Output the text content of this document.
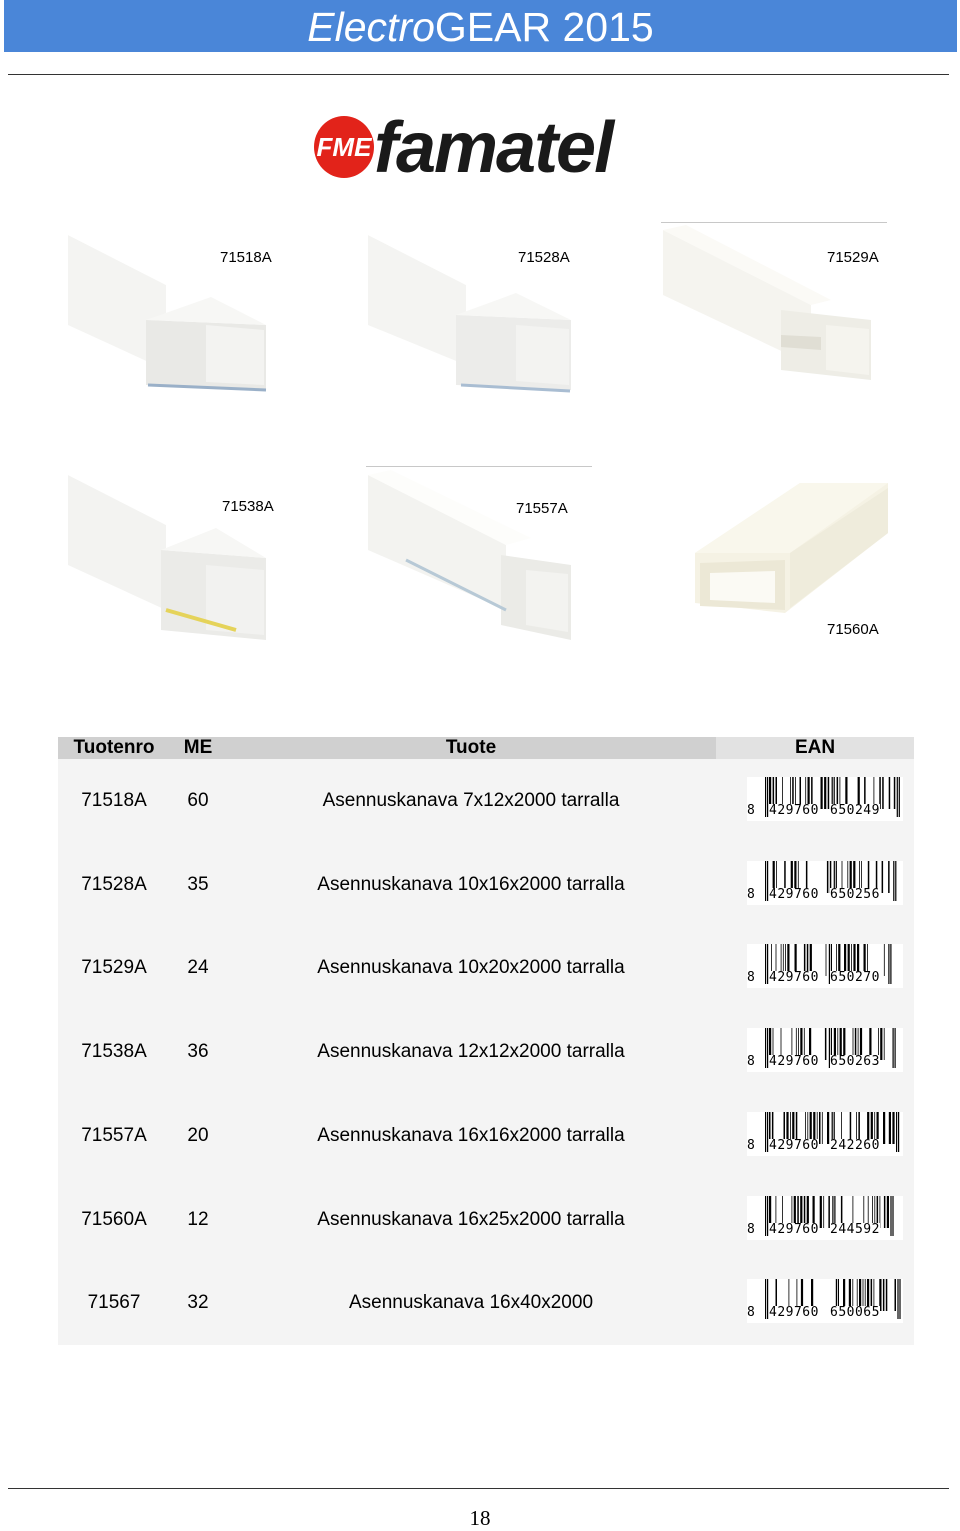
ElectroGEAR 2015
FME famatel
71518A	71528A	71529A
71538A	71557A
71560A
Tuotenro	ME	Tuote	EAN
71518A	60	Asennuskanava 7x12x2000 tarralla	8 429760 650249
71528A	35	Asennuskanava 10x16x2000 tarralla	8 429760 650256
71529A	24	Asennuskanava 10x20x2000 tarralla	8 429760 650270
71538A	36	Asennuskanava 12x12x2000 tarralla	8 429760 650263
71557A	20	Asennuskanava 16x16x2000 tarralla	8 429760 242260
71560A	12	Asennuskanava 16x25x2000 tarralla	8 429760 244592
71567	32	Asennuskanava 16x40x2000	8 429760 650065
18
